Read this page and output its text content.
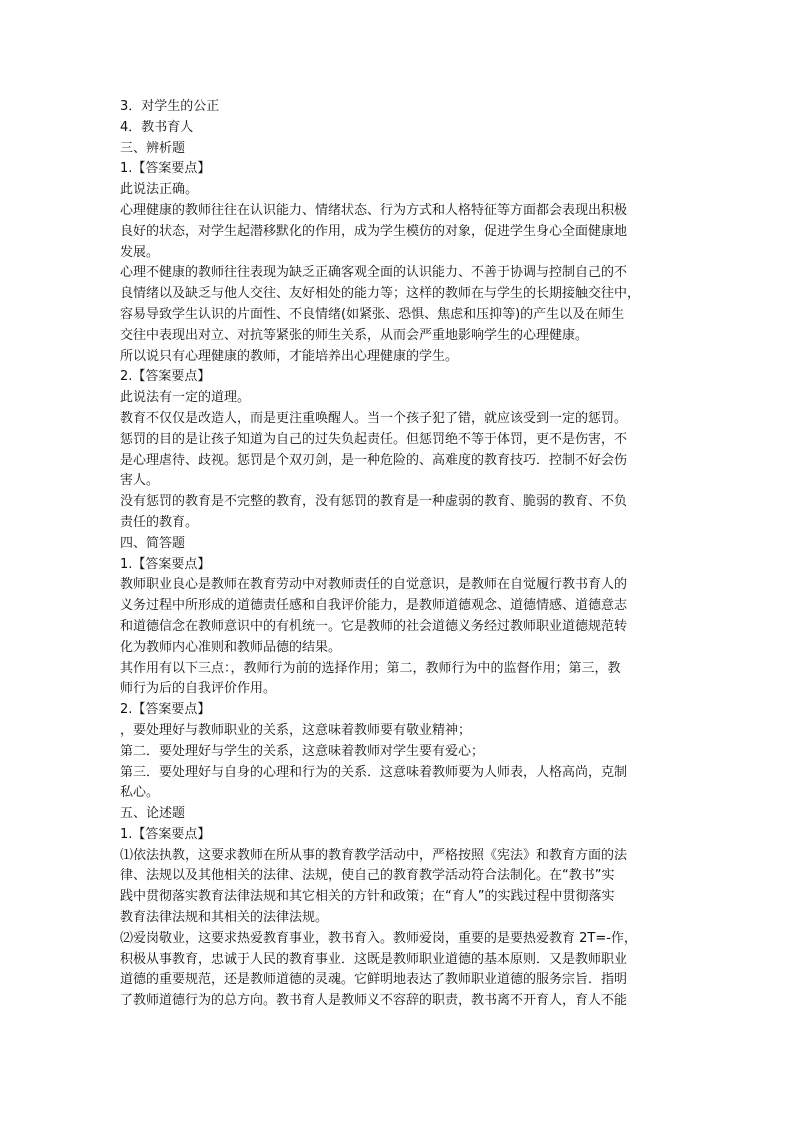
3．对学生的公正

4．教书育人

三、辨析题

1.【答案要点】

此说法正确。

心理健康的教师往往在认识能力、情绪状态、行为方式和人格特征等方面都会表现出积极

良好的状态，对学生起潜移默化的作用，成为学生模仿的对象，促进学生身心全面健康地

发展。

心理不健康的教师往往表现为缺乏正确客观全面的认识能力、不善于协调与控制自己的不

良情绪以及缺乏与他人交往、友好相处的能力等；这样的教师在与学生的长期接触交往中，

容易导致学生认识的片面性、不良情绪(如紧张、恐惧、焦虑和压抑等)的产生以及在师生

交往中表现出对立、对抗等紧张的师生关系，从而会严重地影响学生的心理健康。

所以说只有心理健康的教师，才能培养出心理健康的学生。

2.【答案要点】

此说法有一定的道理。

教育不仅仅是改造人，而是更注重唤醒人。当一个孩子犯了错，就应该受到一定的惩罚。

惩罚的目的是让孩子知道为自己的过失负起责任。但惩罚绝不等于体罚，更不是伤害，不

是心理虐待、歧视。惩罚是个双刃剑，是一种危险的、高难度的教育技巧．控制不好会伤

害人。

没有惩罚的教育是不完整的教育，没有惩罚的教育是一种虚弱的教育、脆弱的教育、不负

责任的教育。

四、简答题

1.【答案要点】

教师职业良心是教师在教育劳动中对教师责任的自觉意识，是教师在自觉履行教书育人的

义务过程中所形成的道德责任感和自我评价能力，是教师道德观念、道德情感、道德意志

和道德信念在教师意识中的有机统一。它是教师的社会道德义务经过教师职业道德规范转

化为教师内心准则和教师品德的结果。

其作用有以下三点：，教师行为前的选择作用；第二，教师行为中的监督作用；第三，教

师行为后的自我评价作用。

2.【答案要点】

，要处理好与教师职业的关系，这意味着教师要有敬业精神；

第二．要处理好与学生的关系，这意味着教师对学生要有爱心；

第三．要处理好与自身的心理和行为的关系．这意味着教师要为人师表，人格高尚，克制

私心。

五、论述题

1.【答案要点】

⑴依法执教，这要求教师在所从事的教育教学活动中，严格按照《宪法》和教育方面的法

律、法规以及其他相关的法律、法规，使自己的教育教学活动符合法制化。在“教书”实

践中贯彻落实教育法律法规和其它相关的方针和政策；在“育人”的实践过程中贯彻落实

教育法律法规和其相关的法律法规。

⑵爱岗敬业，这要求热爱教育事业，教书育入。教师爱岗，重要的是要热爱教育 2T=-作，

积极从事教育，忠诚于人民的教育事业．这既是教师职业道德的基本原则．又是教师职业

道德的重要规范，还是教师道德的灵魂。它鲜明地表达了教师职业道德的服务宗旨．指明

了教师道德行为的总方向。教书育人是教师义不容辞的职责，教书离不开育人，育人不能
